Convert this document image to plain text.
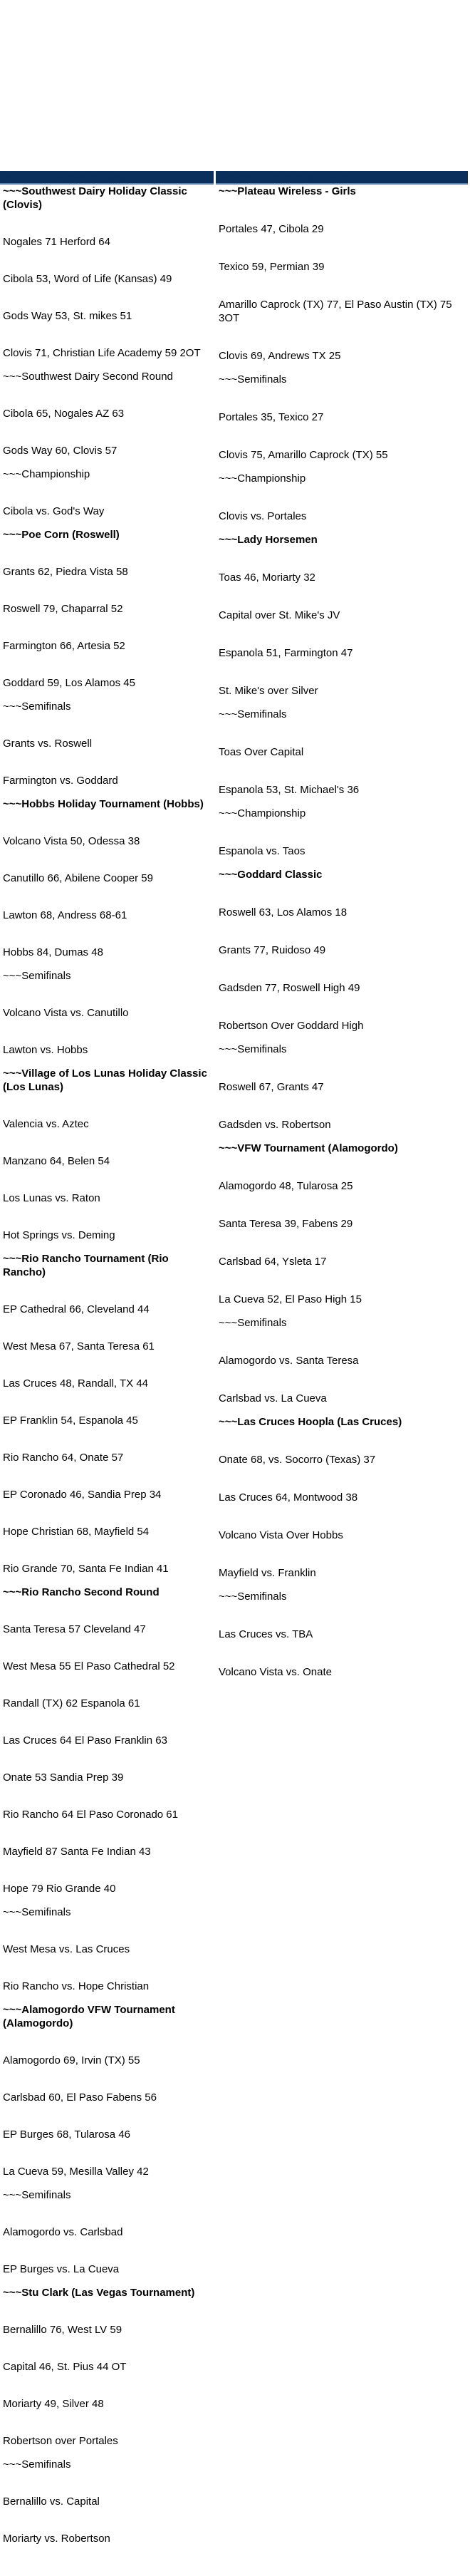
Boys Holiday Tournament Updates
~~~Southwest Dairy Holiday Classic (Clovis)
Nogales 71 Herford 64
Cibola 53, Word of Life (Kansas) 49
Gods Way 53, St. mikes 51
Clovis 71, Christian Life Academy 59 2OT
~~~Southwest Dairy Second Round
Cibola 65, Nogales AZ 63
Gods Way 60, Clovis 57
~~~Championship
Cibola vs. God's Way
~~~Poe Corn (Roswell)
Grants 62, Piedra Vista 58
Roswell 79, Chaparral 52
Farmington 66, Artesia 52
Goddard 59, Los Alamos 45
~~~Semifinals
Grants vs. Roswell
Farmington vs. Goddard
~~~Hobbs Holiday Tournament (Hobbs)
Volcano Vista 50, Odessa 38
Canutillo 66, Abilene Cooper 59
Lawton 68, Andress 68-61
Hobbs 84, Dumas 48
~~~Semifinals
Volcano Vista vs. Canutillo
Lawton vs. Hobbs
~~~Village of Los Lunas Holiday Classic (Los Lunas)
Valencia vs. Aztec
Manzano 64, Belen 54
Los Lunas vs. Raton
Hot Springs vs. Deming
~~~Rio Rancho Tournament (Rio Rancho)
EP Cathedral 66, Cleveland 44
West Mesa 67, Santa Teresa 61
Las Cruces 48, Randall, TX 44
EP Franklin 54, Espanola 45
Rio Rancho 64, Onate 57
EP Coronado 46, Sandia Prep 34
Hope Christian 68, Mayfield 54
Rio Grande 70, Santa Fe Indian 41
~~~Rio Rancho Second Round
Santa Teresa 57 Cleveland 47
West Mesa 55 El Paso Cathedral 52
Randall (TX) 62 Espanola 61
Las Cruces 64 El Paso Franklin 63
Onate 53 Sandia Prep 39
Rio Rancho 64 El Paso Coronado 61
Mayfield 87 Santa Fe Indian 43
Hope 79 Rio Grande 40
~~~Semifinals
West Mesa vs. Las Cruces
Rio Rancho vs. Hope Christian
~~~Alamogordo VFW Tournament (Alamogordo)
Alamogordo 69, Irvin (TX) 55
Carlsbad 60, El Paso Fabens 56
EP Burges 68, Tularosa 46
La Cueva 59, Mesilla Valley 42
~~~Semifinals
Alamogordo vs. Carlsbad
EP Burges vs. La Cueva
~~~Stu Clark (Las Vegas Tournament)
Bernalillo 76, West LV 59
Capital 46, St. Pius 44 OT
Moriarty 49, Silver 48
Robertson over Portales
~~~Semifinals
Bernalillo vs. Capital
Moriarty vs. Robertson
Girls Holiday Tournament Updates
~~~Plateau Wireless - Girls
Portales 47, Cibola 29
Texico 59, Permian 39
Amarillo Caprock (TX) 77, El Paso Austin (TX) 75 3OT
Clovis 69, Andrews TX 25
~~~Semifinals
Portales 35, Texico 27
Clovis 75, Amarillo Caprock (TX) 55
~~~Championship
Clovis vs. Portales
~~~Lady Horsemen
Toas 46, Moriarty 32
Capital over St. Mike's JV
Espanola 51, Farmington 47
St. Mike's over Silver
~~~Semifinals
Toas Over Capital
Espanola 53, St. Michael's 36
~~~Championship
Espanola vs. Taos
~~~Goddard Classic
Roswell 63, Los Alamos 18
Grants 77, Ruidoso 49
Gadsden 77, Roswell High 49
Robertson Over Goddard High
~~~Semifinals
Roswell 67, Grants 47
Gadsden vs. Robertson
~~~VFW Tournament (Alamogordo)
Alamogordo 48, Tularosa 25
Santa Teresa 39, Fabens 29
Carlsbad 64, Ysleta 17
La Cueva 52, El Paso High 15
~~~Semifinals
Alamogordo vs. Santa Teresa
Carlsbad vs. La Cueva
~~~Las Cruces Hoopla (Las Cruces)
Onate 68, vs. Socorro (Texas) 37
Las Cruces 64, Montwood 38
Volcano Vista Over Hobbs
Mayfield vs. Franklin
~~~Semifinals
Las Cruces vs. TBA
Volcano Vista vs. Onate
